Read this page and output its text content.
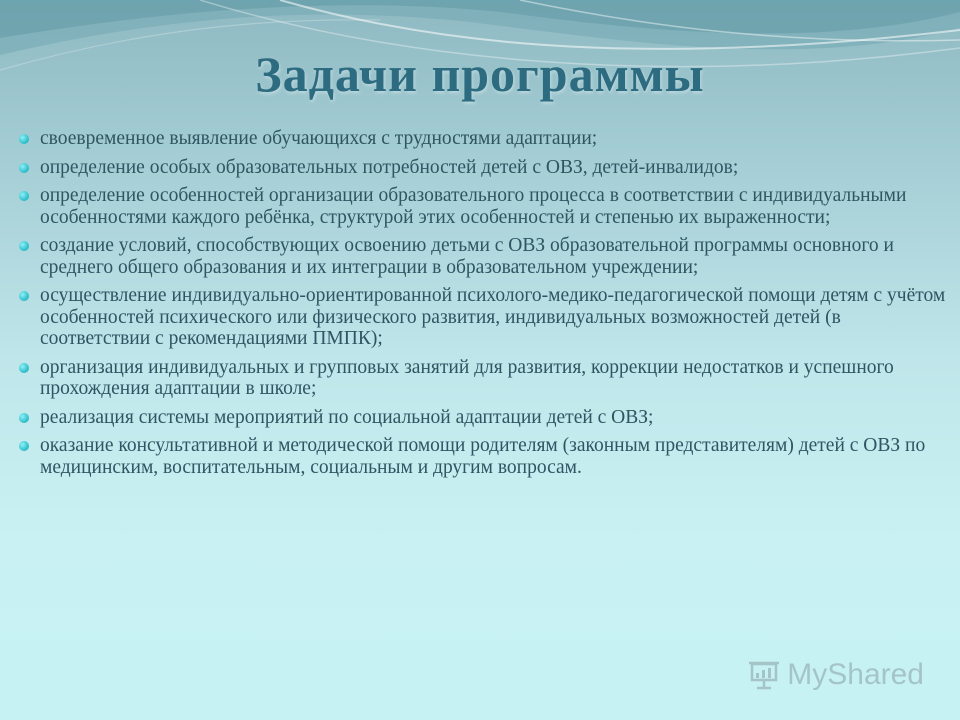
Задачи программы
своевременное выявление обучающихся с трудностями адаптации;
определение особых образовательных потребностей детей с ОВЗ, детей-инвалидов;
определение особенностей организации образовательного процесса в соответствии с индивидуальными особенностями каждого ребёнка, структурой этих особенностей и степенью их выраженности;
создание условий, способствующих освоению детьми с ОВЗ образовательной программы основного и среднего общего образования и их интеграции в образовательном учреждении;
осуществление индивидуально-ориентированной психолого-медико-педагогической помощи детям с учётом особенностей психического или физического развития, индивидуальных возможностей детей (в соответствии с рекомендациями ПМПК);
организация индивидуальных и групповых занятий для развития, коррекции недостатков и успешного прохождения адаптации в школе;
реализация системы мероприятий по социальной адаптации детей с ОВЗ;
оказание консультативной и методической помощи родителям (законным представителям) детей с ОВЗ по медицинским, воспитательным, социальным и другим вопросам.
MyShared
